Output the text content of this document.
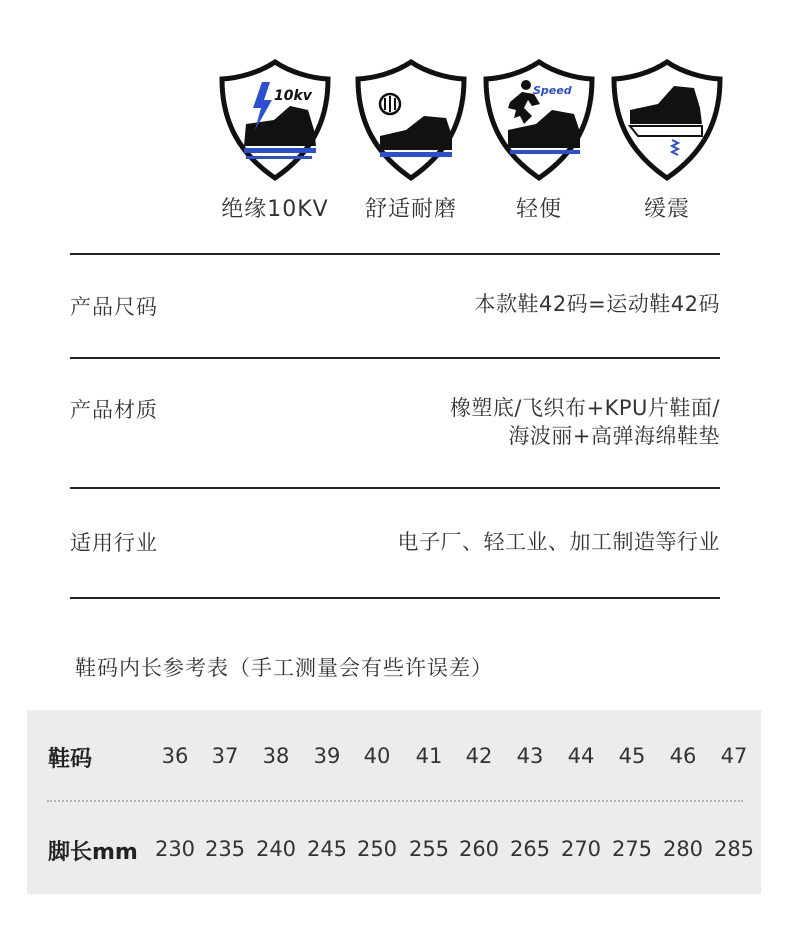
10kv
绝缘10KV	舒适耐磨
Speed
轻便	缓震
产品尺码	本款鞋42码=运动鞋42码
产品材质	橡塑底/飞织布+KPU片鞋面/
海波丽+高弹海绵鞋垫
适用行业	电子厂、轻工业、加工制造等行业
鞋码内长参考表（手工测量会有些许误差）
鞋码	36	37	38	39	40	41	42	43	44	45	46	47
脚长mm 230 235 240 245 250 255 260 265 270 275 280 285
